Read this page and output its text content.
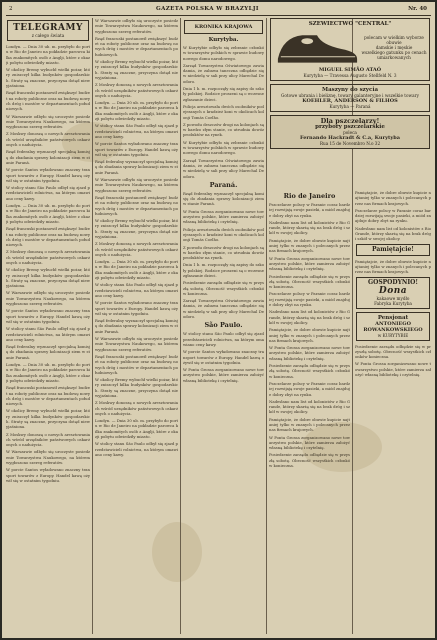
2	GAZETA POLSKA W BRAZYLJI	Nr. 40
TELEGRAMY
z całego świata

Londyn. — Dnia 30 ub. m. przybyło do portu w Rio de Janeiro na pokładzie parowca kilka znakomitych osób z Anglji, które z okazji pobytu odwiedziły miasto.

W okolicy Bremy wybuchł wielki pożar, który zniszczył kilka budynków gospodarskich. Straty są znaczne, przyczyna dotąd niewyjaśniona.

Rząd francuski postanowił zwiększyć budżet na roboty publiczne oraz na budowę nowych dróg i mostów w departamentach południowych.

W Warszawie odbyło się uroczyste posiedzenie Towarzystwa Naukowego, na którem wygłoszono szereg referatów.

Z Moskwy donoszą o nowych aresztowaniach wśród urzędników państwowych oskarżonych o nadużycia.

Rząd federalny wyznaczył specjalną komisję do zbadania sprawy kolonizacji ziem w stanie Paraná.

W porcie Santos wyładowano znaczny transport towarów z Europy. Handel kawą ożywił się w ostatnim tygodniu.

W stolicy stanu São Paulo odbył się zjazd przedstawicieli rolnictwa, na którym omawiano ceny kawy.

Londyn. — Dnia 30 ub. m. przybyło do portu w Rio de Janeiro na pokładzie parowca kilka znakomitych osób z Anglji, które z okazji pobytu odwiedziły miasto.

Rząd francuski postanowił zwiększyć budżet na roboty publiczne oraz na budowę nowych dróg i mostów w departamentach południowych.

Z Moskwy donoszą o nowych aresztowaniach wśród urzędników państwowych oskarżonych o nadużycia.

W okolicy Bremy wybuchł wielki pożar, który zniszczył kilka budynków gospodarskich. Straty są znaczne, przyczyna dotąd niewyjaśniona.

W Warszawie odbyło się uroczyste posiedzenie Towarzystwa Naukowego, na którem wygłoszono szereg referatów.

W porcie Santos wyładowano znaczny transport towarów z Europy. Handel kawą ożywił się w ostatnim tygodniu.

W stolicy stanu São Paulo odbył się zjazd przedstawicieli rolnictwa, na którym omawiano ceny kawy.

Rząd federalny wyznaczył specjalną komisję do zbadania sprawy kolonizacji ziem w stanie Paraná.

Londyn. — Dnia 30 ub. m. przybyło do portu w Rio de Janeiro na pokładzie parowca kilka znakomitych osób z Anglji, które z okazji pobytu odwiedziły miasto.

Rząd francuski postanowił zwiększyć budżet na roboty publiczne oraz na budowę nowych dróg i mostów w departamentach południowych.

W okolicy Bremy wybuchł wielki pożar, który zniszczył kilka budynków gospodarskich. Straty są znaczne, przyczyna dotąd niewyjaśniona.

Z Moskwy donoszą o nowych aresztowaniach wśród urzędników państwowych oskarżonych o nadużycia.

W Warszawie odbyło się uroczyste posiedzenie Towarzystwa Naukowego, na którem wygłoszono szereg referatów.

W porcie Santos wyładowano znaczny transport towarów z Europy. Handel kawą ożywił się w ostatnim tygodniu.

W Warszawie odbyło się uroczyste posiedzenie Towarzystwa Naukowego, na którem wygłoszono szereg referatów.

Rząd francuski postanowił zwiększyć budżet na roboty publiczne oraz na budowę nowych dróg i mostów w departamentach południowych.

W okolicy Bremy wybuchł wielki pożar, który zniszczył kilka budynków gospodarskich. Straty są znaczne, przyczyna dotąd niewyjaśniona.

Z Moskwy donoszą o nowych aresztowaniach wśród urzędników państwowych oskarżonych o nadużycia.

Londyn. — Dnia 30 ub. m. przybyło do portu w Rio de Janeiro na pokładzie parowca kilka znakomitych osób z Anglji, które z okazji pobytu odwiedziły miasto.

W stolicy stanu São Paulo odbył się zjazd przedstawicieli rolnictwa, na którym omawiano ceny kawy.

W porcie Santos wyładowano znaczny transport towarów z Europy. Handel kawą ożywił się w ostatnim tygodniu.

Rząd federalny wyznaczył specjalną komisję do zbadania sprawy kolonizacji ziem w stanie Paraná.

W Warszawie odbyło się uroczyste posiedzenie Towarzystwa Naukowego, na którem wygłoszono szereg referatów.

Rząd francuski postanowił zwiększyć budżet na roboty publiczne oraz na budowę nowych dróg i mostów w departamentach południowych.

W okolicy Bremy wybuchł wielki pożar, który zniszczył kilka budynków gospodarskich. Straty są znaczne, przyczyna dotąd niewyjaśniona.

Z Moskwy donoszą o nowych aresztowaniach wśród urzędników państwowych oskarżonych o nadużycia.

Londyn. — Dnia 30 ub. m. przybyło do portu w Rio de Janeiro na pokładzie parowca kilka znakomitych osób z Anglji, które z okazji pobytu odwiedziły miasto.

W stolicy stanu São Paulo odbył się zjazd przedstawicieli rolnictwa, na którym omawiano ceny kawy.

W porcie Santos wyładowano znaczny transport towarów z Europy. Handel kawą ożywił się w ostatnim tygodniu.

Rząd federalny wyznaczył specjalną komisję do zbadania sprawy kolonizacji ziem w stanie Paraná.

W Warszawie odbyło się uroczyste posiedzenie Towarzystwa Naukowego, na którem wygłoszono szereg referatów.

Rząd francuski postanowił zwiększyć budżet na roboty publiczne oraz na budowę nowych dróg i mostów w departamentach południowych.

W okolicy Bremy wybuchł wielki pożar, który zniszczył kilka budynków gospodarskich. Straty są znaczne, przyczyna dotąd niewyjaśniona.

Z Moskwy donoszą o nowych aresztowaniach wśród urzędników państwowych oskarżonych o nadużycia.

Londyn. — Dnia 30 ub. m. przybyło do portu w Rio de Janeiro na pokładzie parowca kilka znakomitych osób z Anglji, które z okazji pobytu odwiedziły miasto.

W stolicy stanu São Paulo odbył się zjazd przedstawicieli rolnictwa, na którym omawiano ceny kawy.

KRONIKA KRAJOWA
Kurytyba.

W Kurytybie odbyło się zebranie członków towarzystw polskich w sprawie budowy nowego domu narodowego.

Zarząd Towarzystwa Oświatowego zawiadamia, że zabawa taneczna odbędzie się w niedzielę w sali przy ulicy Marechal Deodoro.

Dnia 1 b. m. rozpoczęły się zapisy do szkoły polskiej. Rodzice proszeni są o wczesne zgłaszanie dzieci.

Policja aresztowała dwóch osobników podejrzanych o kradzież koni w okolicach kolonji Tomás Coelho.

Z powodu deszczów drogi na kolonjach są w bardzo złym stanie, co utrudnia dowóz produktów na rynek.

W Kurytybie odbyło się zebranie członków towarzystw polskich w sprawie budowy nowego domu narodowego.

Zarząd Towarzystwa Oświatowego zawiadamia, że zabawa taneczna odbędzie się w niedzielę w sali przy ulicy Marechal Deodoro.

Paraná.

Rząd federalny wyznaczył specjalną komisję do zbadania sprawy kolonizacji ziem w stanie Paraná.

W Ponta Grossa zorganizowano nowe towarzystwo polskie, które zamierza założyć własną bibliotekę i czytelnię.

Policja aresztowała dwóch osobników podejrzanych o kradzież koni w okolicach kolonji Tomás Coelho.

Z powodu deszczów drogi na kolonjach są w bardzo złym stanie, co utrudnia dowóz produktów na rynek.

Dnia 1 b. m. rozpoczęły się zapisy do szkoły polskiej. Rodzice proszeni są o wczesne zgłaszanie dzieci.

Posiedzenie zarządu odbędzie się w przyszłą sobotę. Obecność wszystkich członków konieczna.

Zarząd Towarzystwa Oświatowego zawiadamia, że zabawa taneczna odbędzie się w niedzielę w sali przy ulicy Marechal Deodoro.

São Paulo.

W stolicy stanu São Paulo odbył się zjazd przedstawicieli rolnictwa, na którym omawiano ceny kawy.

W porcie Santos wyładowano znaczny transport towarów z Europy. Handel kawą ożywił się w ostatnim tygodniu.

W Ponta Grossa zorganizowano nowe towarzystwo polskie, które zamierza założyć własną bibliotekę i czytelnię.

SZEWIECTWO "CENTRAL"
polecam w wielkim wyborze
obuwie
damskie i męskie
wszelkiego gatunku po cenach umiarkowanych
MIGUEL SIMÃO ATAÓ
Kurytyba — Travessa Augusto Stellfeld N. 3
Maszyny do szycia
Gotowe ubrania i bieliznę, towary galanteryjne i wszelkie towary
KOEHLER, ANDERSON & FILHOS
Kurytyba — Paraná
Dla pszczelarzy!
przybory pszczelarskie
poleca
Fernando Hackradt & C.a, Kurytyba
Rua 15 de Novembro N.o 32
Rio de Janeiro

Pszczelarze polscy w Paranie coraz bardziej rozwijają swoje pasieki, a miód znajduje dobry zbyt na rynku.

Nadesłano nam list od kolonistów z Rio Grande, którzy skarżą się na brak dróg i szkół w swojej okolicy.

Pamiętajcie, że dobre obuwie kupicie najtaniej tylko w znanych i polecanych przez nas firmach krajowych.

W Ponta Grossa zorganizowano nowe towarzystwo polskie, które zamierza założyć własną bibliotekę i czytelnię.

Posiedzenie zarządu odbędzie się w przyszłą sobotę. Obecność wszystkich członków konieczna.

Pszczelarze polscy w Paranie coraz bardziej rozwijają swoje pasieki, a miód znajduje dobry zbyt na rynku.

Nadesłano nam list od kolonistów z Rio Grande, którzy skarżą się na brak dróg i szkół w swojej okolicy.

Pamiętajcie, że dobre obuwie kupicie najtaniej tylko w znanych i polecanych przez nas firmach krajowych.

W Ponta Grossa zorganizowano nowe towarzystwo polskie, które zamierza założyć własną bibliotekę i czytelnię.

Posiedzenie zarządu odbędzie się w przyszłą sobotę. Obecność wszystkich członków konieczna.

Pszczelarze polscy w Paranie coraz bardziej rozwijają swoje pasieki, a miód znajduje dobry zbyt na rynku.

Nadesłano nam list od kolonistów z Rio Grande, którzy skarżą się na brak dróg i szkół w swojej okolicy.

Pamiętajcie, że dobre obuwie kupicie najtaniej tylko w znanych i polecanych przez nas firmach krajowych.

W Ponta Grossa zorganizowano nowe towarzystwo polskie, które zamierza założyć własną bibliotekę i czytelnię.

Posiedzenie zarządu odbędzie się w przyszłą sobotę. Obecność wszystkich członków konieczna.

Pamiętajcie, że dobre obuwie kupicie najtaniej tylko w znanych i polecanych przez nas firmach krajowych.

Pszczelarze polscy w Paranie coraz bardziej rozwijają swoje pasieki, a miód znajduje dobry zbyt na rynku.

Nadesłano nam list od kolonistów z Rio Grande, którzy skarżą się na brak dróg i szkół w swojej okolicy.

Pamiętajcie!

Pamiętajcie, że dobre obuwie kupicie najtaniej tylko w znanych i polecanych przez nas firmach krajowych.

GOSPODYNIO!
Dona
kakaowe mydło
Fabryka Kurytyba
Pensjonat
ANTONIEGO ROWANKOWSKIEGO
w KURYTYBIE

Posiedzenie zarządu odbędzie się w przyszłą sobotę. Obecność wszystkich członków konieczna.

W Ponta Grossa zorganizowano nowe towarzystwo polskie, które zamierza założyć własną bibliotekę i czytelnię.
